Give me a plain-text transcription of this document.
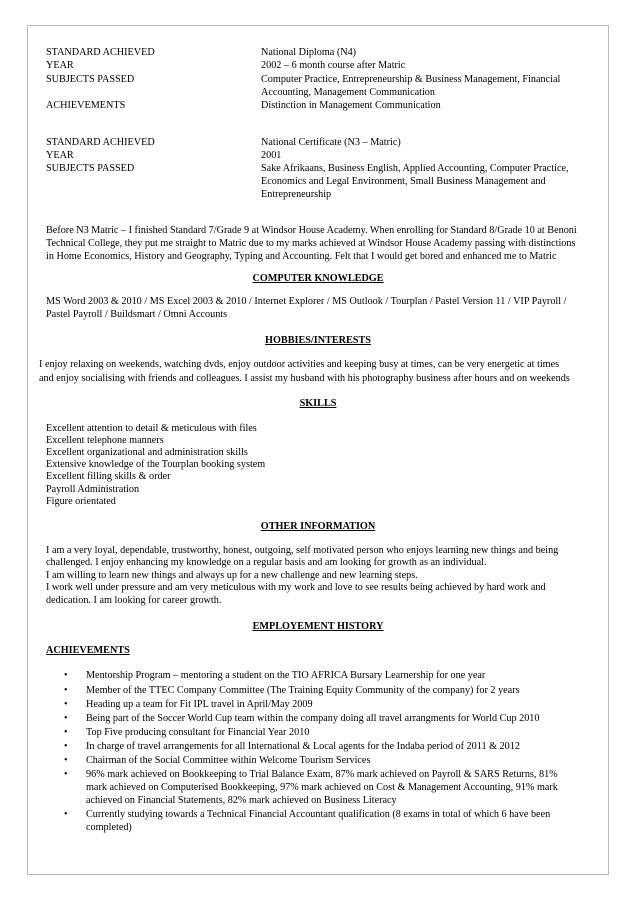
STANDARD ACHIEVED	National Diploma (N4)
YEAR	2002 – 6 month course after Matric
SUBJECTS PASSED	Computer Practice, Entrepreneurship & Business Management, Financial
Accounting, Management Communication
ACHIEVEMENTS	Distinction in Management Communication
STANDARD ACHIEVED	National Certificate (N3 – Matric)
YEAR	2001
SUBJECTS PASSED	Sake Afrikaans, Business English, Applied Accounting, Computer Practice,
Economics and Legal Environment, Small Business Management and
Entrepreneurship
Before N3 Matric – I finished Standard 7/Grade 9 at Windsor House Academy. When enrolling for Standard 8/Grade 10 at Benoni
Technical College, they put me straight to Matric due to my marks achieved at Windsor House Academy passing with distinctions
in Home Economics, History and Geography, Typing and Accounting. Felt that I would get bored and enhanced me to Matric
COMPUTER KNOWLEDGE
MS Word 2003 & 2010 / MS Excel 2003 & 2010 / Internet Explorer / MS Outlook / Tourplan / Pastel Version 11 / VIP Payroll /
Pastel Payroll / Buildsmart / Omni Accounts
HOBBIES/INTERESTS
I enjoy relaxing on weekends, watching dvds, enjoy outdoor activities and keeping busy at times, can be very energetic at times
and enjoy socialising with friends and colleagues. I assist my husband with his photography business after hours and on weekends
SKILLS
Excellent attention to detail & meticulous with files
Excellent telephone manners
Excellent organizational and administration skills
Extensive knowledge of the Tourplan booking system
Excellent filling skills & order
Payroll Administration
Figure orientated
OTHER INFORMATION
I am a very loyal, dependable, trustworthy, honest, outgoing, self motivated person who enjoys learning new things and being
challenged. I enjoy enhancing my knowledge on a regular basis and am looking for growth as an individual.
I am willing to learn new things and always up for a new challenge and new learning steps.
I work well under pressure and am very meticulous with my work and love to see results being achieved by hard work and
dedication. I am looking for career growth.
EMPLOYEMENT HISTORY
ACHIEVEMENTS
• Mentorship Program – mentoring a student on the TIO AFRICA Bursary Learnership for one year
• Member of the TTEC Company Committee (The Training Equity Community of the company) for 2 years
• Heading up a team for Fit IPL travel in April/May 2009
• Being part of the Soccer World Cup team within the company doing all travel arrangments for World Cup 2010
• Top Five producing consultant for Financial Year 2010
• In charge of travel arrangements for all International & Local agents for the Indaba period of 2011 & 2012
• Chairman of the Social Committee within Welcome Tourism Services
• 96% mark achieved on Bookkeeping to Trial Balance Exam, 87% mark achieved on Payroll & SARS Returns, 81%
mark achieved on Computerised Bookkeeping, 97% mark achieved on Cost & Management Accounting, 91% mark
achieved on Financial Statements, 82% mark achieved on Business Literacy
• Currently studying towards a Technical Financial Accountant qualification (8 exams in total of which 6 have been
completed)
